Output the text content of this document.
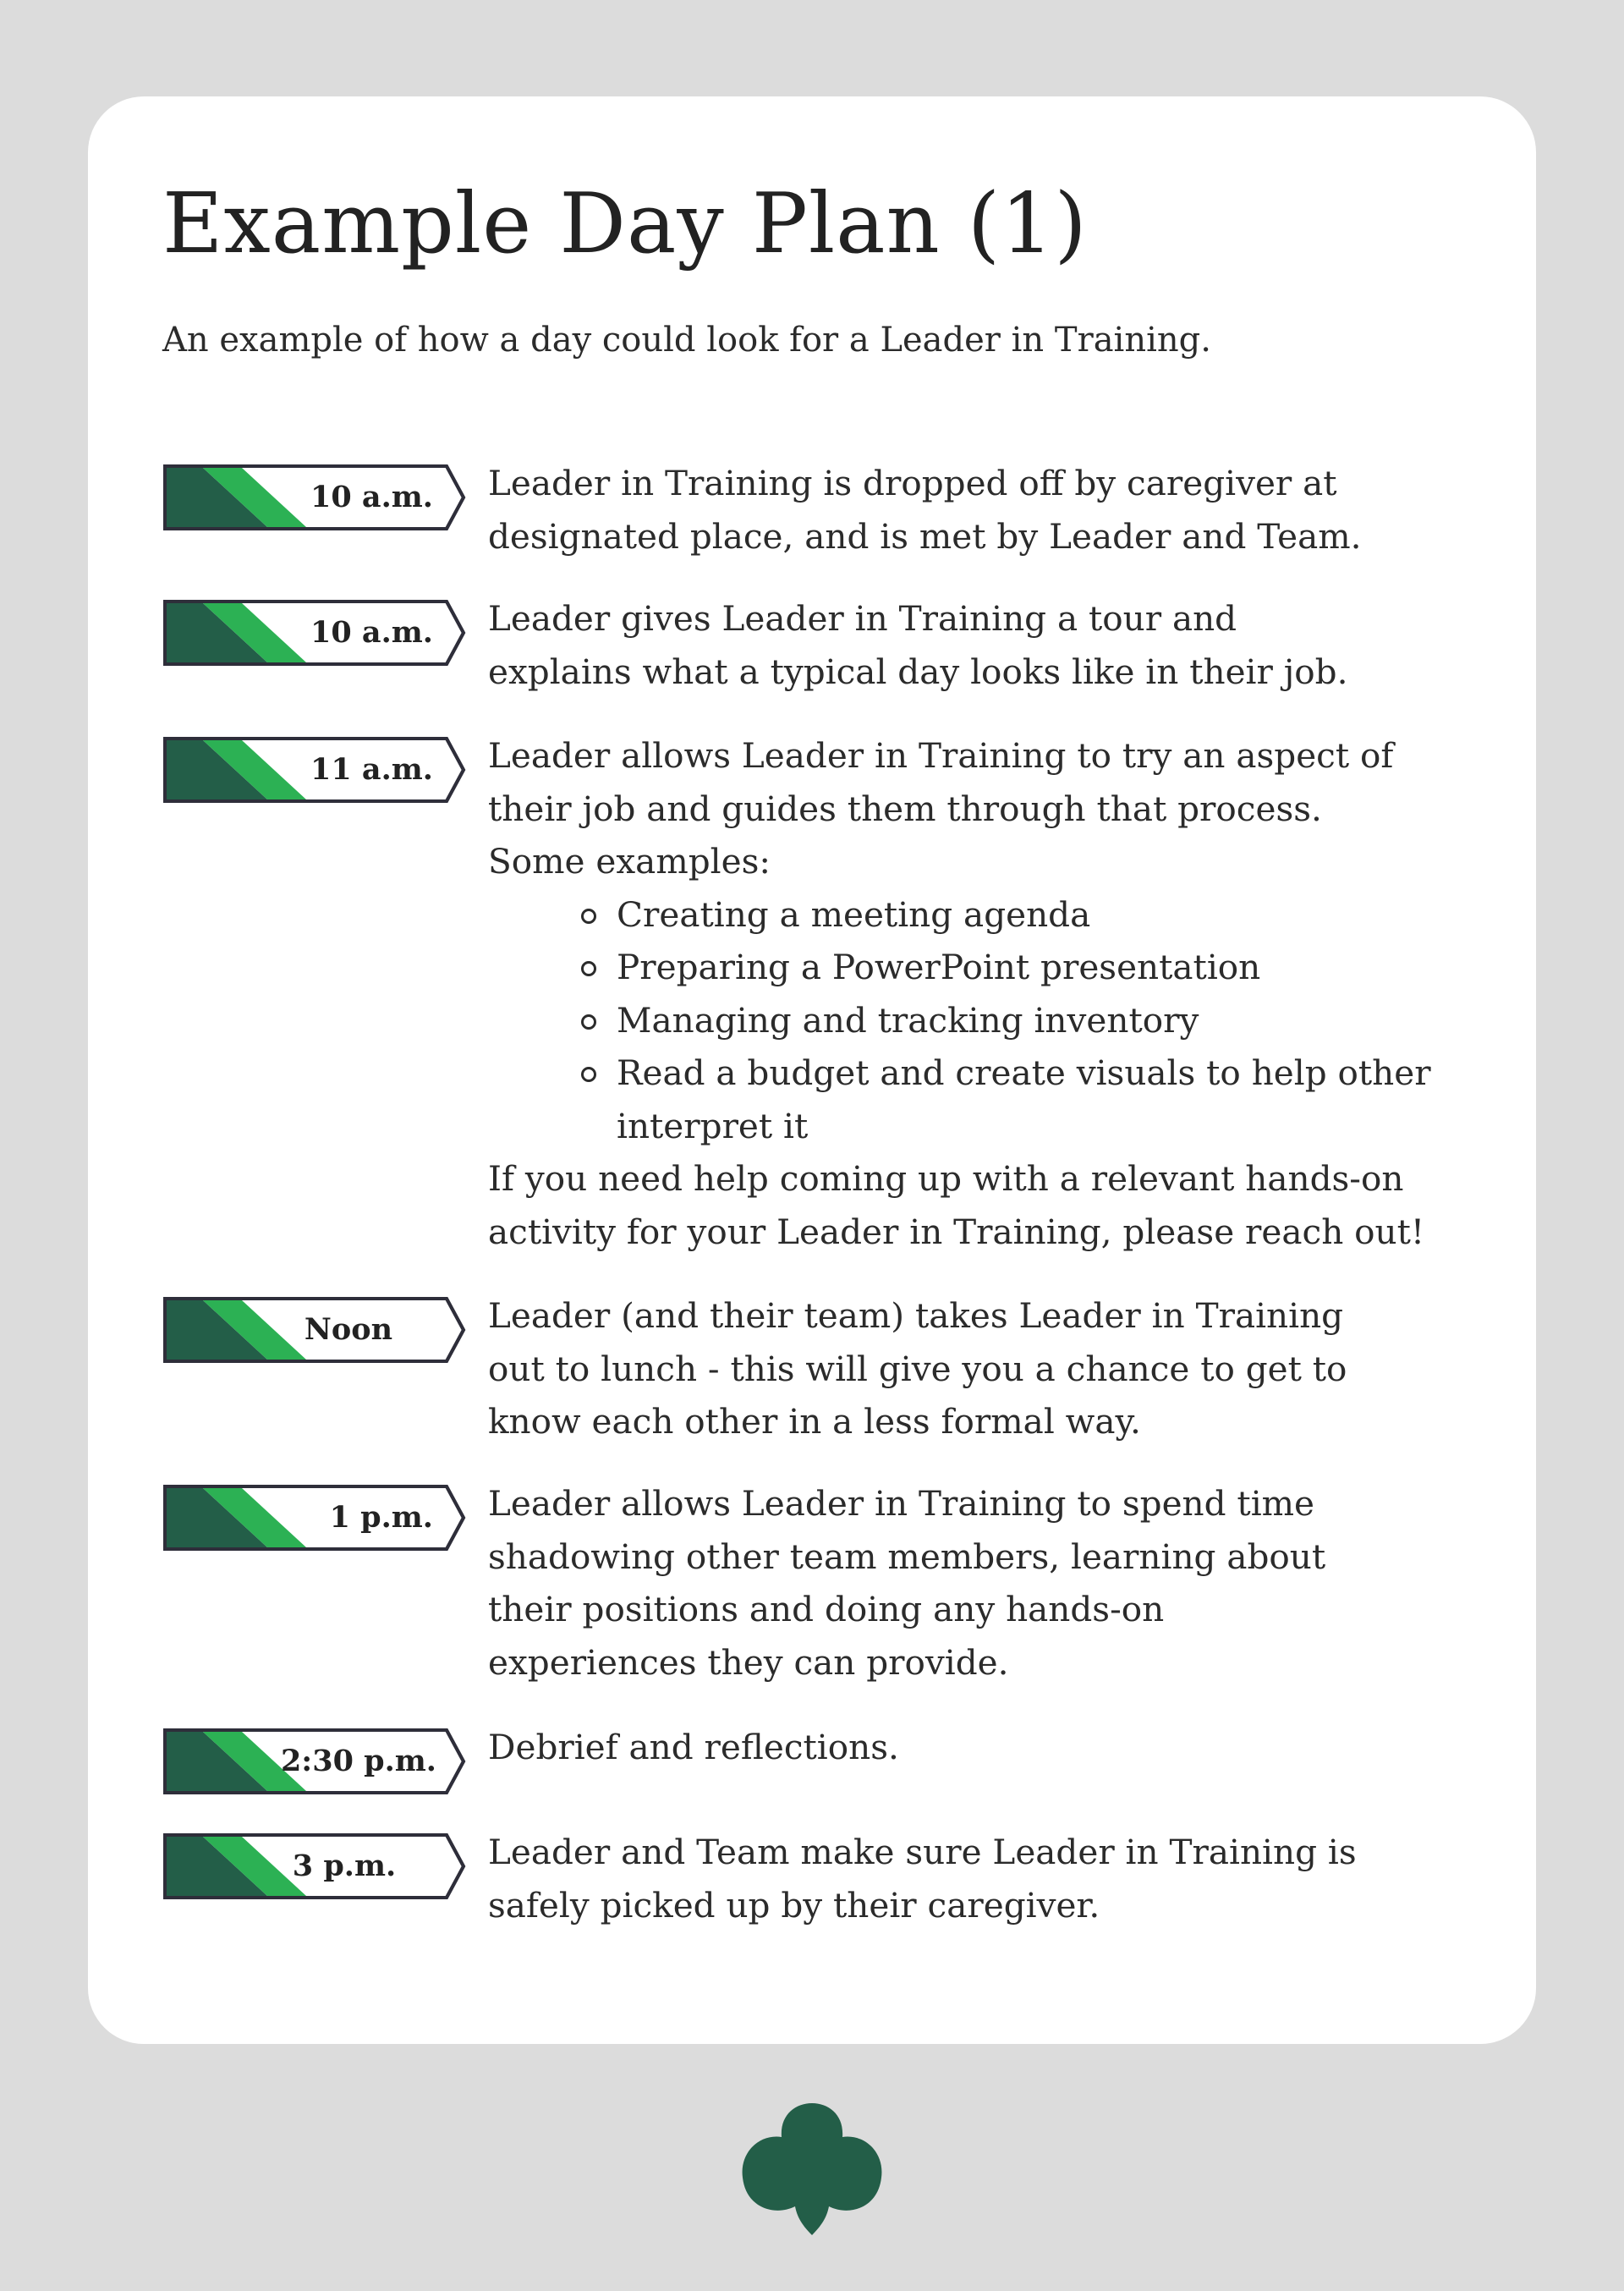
Example Day Plan (1)

An example of how a day could look for a Leader in Training.

10 a.m. Leader in Training is dropped off by caregiver at

designated place, and is met by Leader and Team.

10 a.m. Leader gives Leader in Training a tour and

explains what a typical day looks like in their job.

11 a.m. Leader allows Leader in Training to try an aspect of

their job and guides them through that process.

Some examples:

Creating a meeting agenda
Preparing a PowerPoint presentation
Managing and tracking inventory
Read a budget and create visuals to help other interpret it

If you need help coming up with a relevant hands-on

activity for your Leader in Training, please reach out!

Noon	Leader (and their team) takes Leader in Training

out to lunch - this will give you a chance to get to

know each other in a less formal way.

1 p.m. Leader allows Leader in Training to spend time

shadowing other team members, learning about

their positions and doing any hands-on

experiences they can provide.

2:30 p.m. Debrief and reflections.

3 p.m.	Leader and Team make sure Leader in Training is

safely picked up by their caregiver.
